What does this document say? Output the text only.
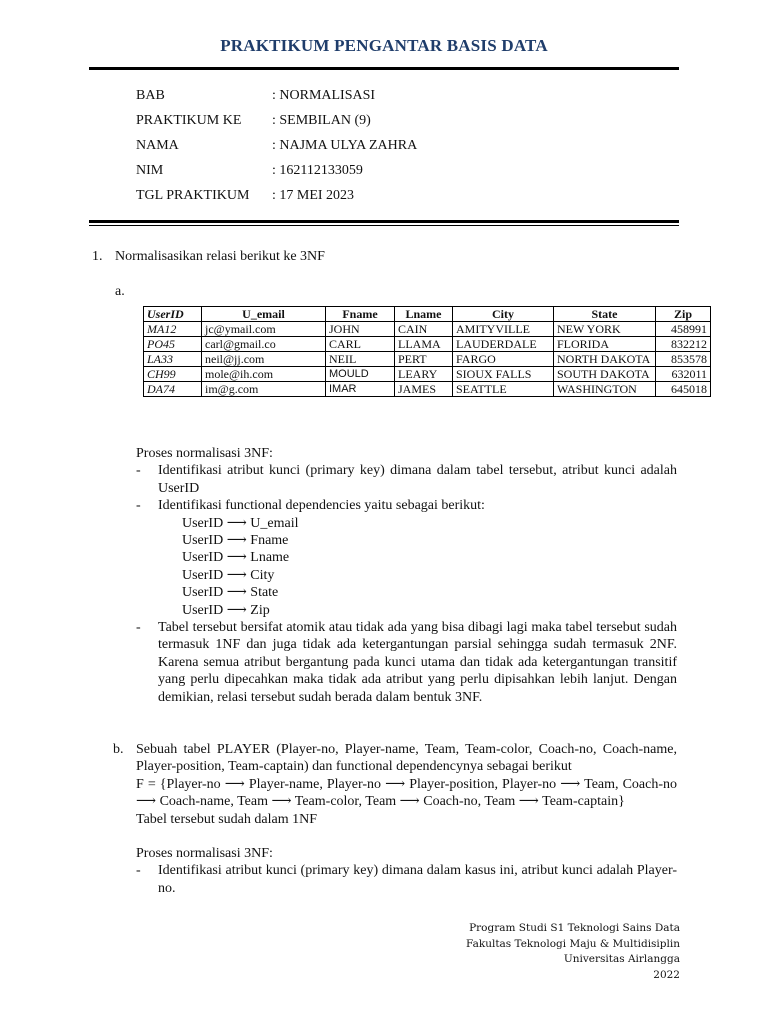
PRAKTIKUM PENGANTAR BASIS DATA
BAB	: NORMALISASI
PRAKTIKUM KE : SEMBILAN (9)
NAMA	: NAJMA ULYA ZAHRA
NIM	: 162112133059
TGL PRAKTIKUM : 17 MEI 2023
1. Normalisasikan relasi berikut ke 3NF
a.
UserID	U_email	Fname	Lname	City	State	Zip
MA12	jc@ymail.com	JOHN	CAIN	AMITYVILLE	NEW YORK	458991
PO45	carl@gmail.co	CARL	LLAMA	LAUDERDALE	FLORIDA	832212
LA33	neil@jj.com	NEIL	PERT	FARGO	NORTH DAKOTA	853578
CH99	mole@ih.com	MOULD	LEARY	SIOUX FALLS	SOUTH DAKOTA	632011
DA74	im@g.com	IMAR	JAMES	SEATTLE	WASHINGTON	645018
Proses normalisasi 3NF:
- Identifikasi atribut kunci (primary key) dimana dalam tabel tersebut, atribut kunci adalah UserID
- Identifikasi functional dependencies yaitu sebagai berikut:
UserID ⟶ U_email
UserID ⟶ Fname
UserID ⟶ Lname
UserID ⟶ City
UserID ⟶ State
UserID ⟶ Zip
- Tabel tersebut bersifat atomik atau tidak ada yang bisa dibagi lagi maka tabel tersebut sudah termasuk 1NF dan juga tidak ada ketergantungan parsial sehingga sudah termasuk 2NF. Karena semua atribut bergantung pada kunci utama dan tidak ada ketergantungan transitif yang perlu dipecahkan maka tidak ada atribut yang perlu dipisahkan lebih lanjut. Dengan demikian, relasi tersebut sudah berada dalam bentuk 3NF.
b. Sebuah tabel PLAYER (Player-no, Player-name, Team, Team-color, Coach-no, Coach-name, Player-position, Team-captain) dan functional dependencynya sebagai berikut
F = {Player-no ⟶ Player-name, Player-no ⟶ Player-position, Player-no ⟶ Team, Coach-no ⟶ Coach-name, Team ⟶ Team-color, Team ⟶ Coach-no, Team ⟶ Team-captain}
Tabel tersebut sudah dalam 1NF
Proses normalisasi 3NF:
- Identifikasi atribut kunci (primary key) dimana dalam kasus ini, atribut kunci adalah Player-no.
Program Studi S1 Teknologi Sains Data
Fakultas Teknologi Maju & Multidisiplin
Universitas Airlangga
2022
